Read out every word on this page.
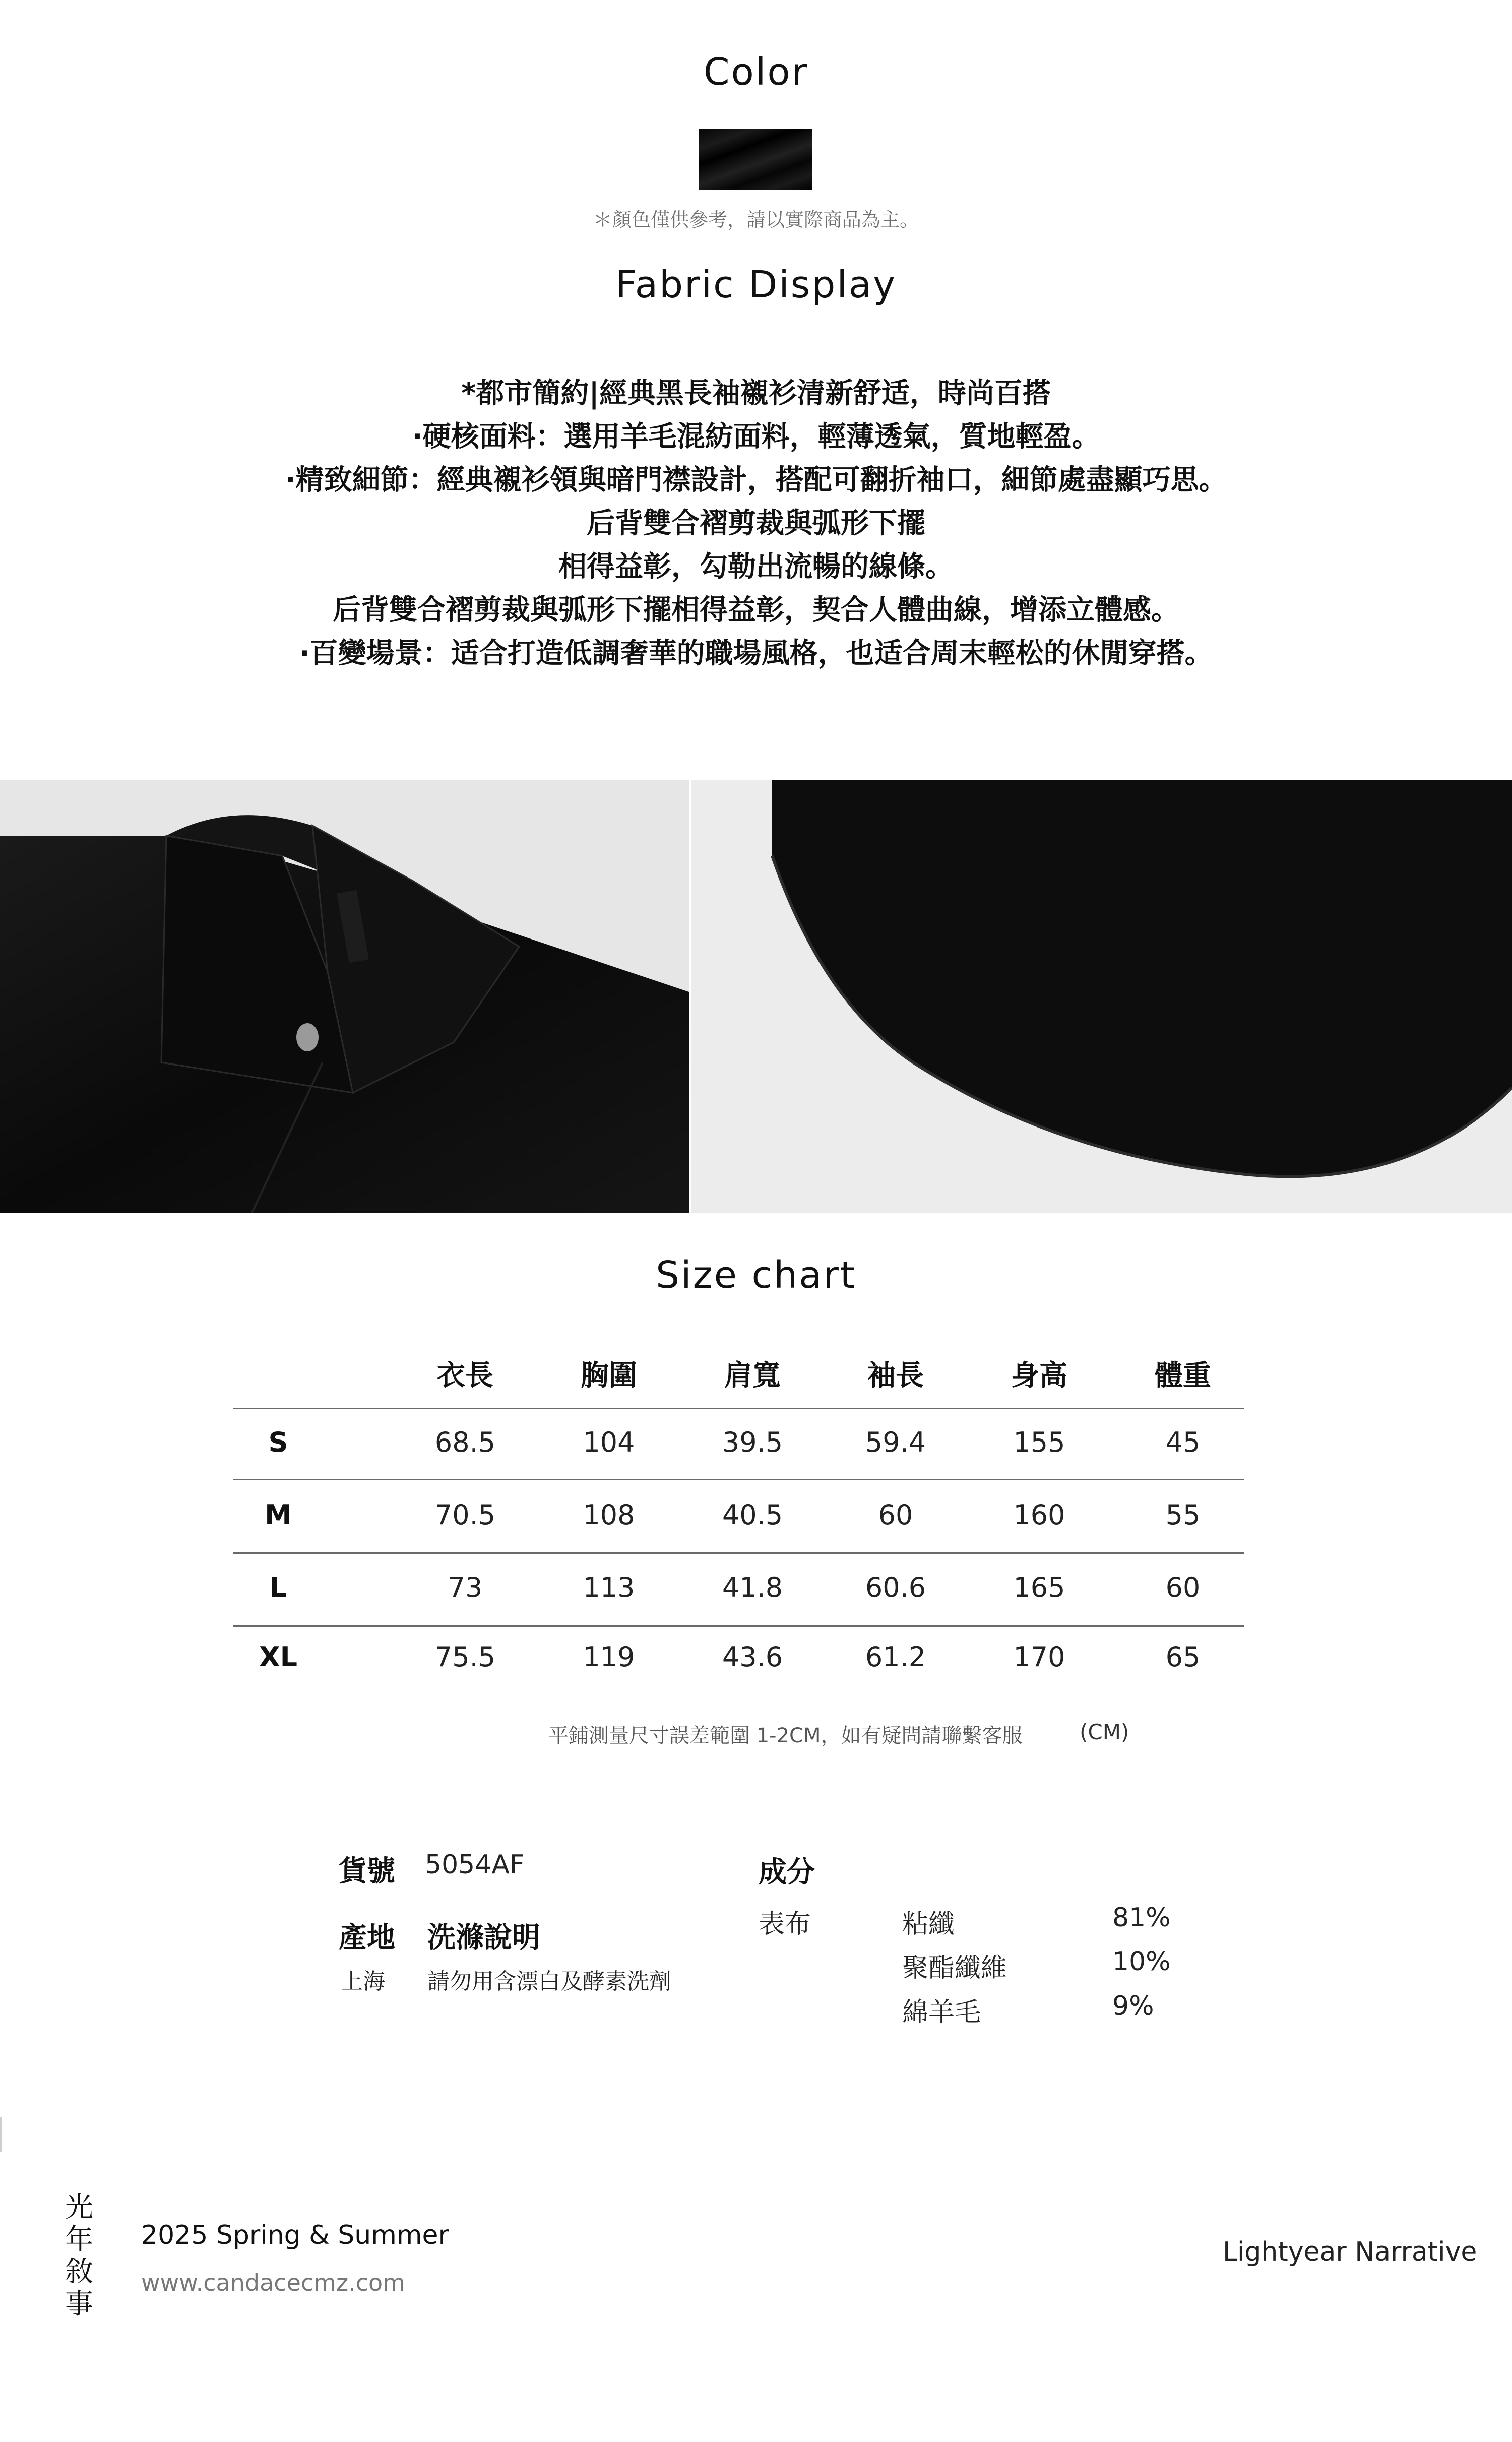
Color
＊顏色僅供參考，請以實際商品為主。
Fabric Display
*都市簡約|經典黑長袖襯衫清新舒适，時尚百搭
·硬核面料：選用羊毛混紡面料，輕薄透氣，質地輕盈。
·精致細節：經典襯衫領與暗門襟設計，搭配可翻折袖口，細節處盡顯巧思。
后背雙合褶剪裁與弧形下擺
相得益彰，勾勒出流暢的線條。
后背雙合褶剪裁與弧形下擺相得益彰，契合人體曲線，增添立體感。
·百變場景：适合打造低調奢華的職場風格，也适合周末輕松的休閒穿搭。
Size chart
衣長	胸圍	肩寬	袖長	身高	體重
S	68.5	104	39.5	59.4	155	45
M	70.5	108	40.5	60	160	55
L	73	113	41.8	60.6	165	60
XL	75.5	119	43.6	61.2	170	65
平鋪測量尺寸誤差範圍 1-2CM，如有疑問請聯繫客服	(CM)
貨號 5054AF
產地 洗滌說明
上海 請勿用含漂白及酵素洗劑
成分
表布	粘纖	81%
聚酯纖維	10%
綿羊毛	9%
光
年
敘
事
2025 Spring & Summer
www.candacecmz.com
Lightyear Narrative
